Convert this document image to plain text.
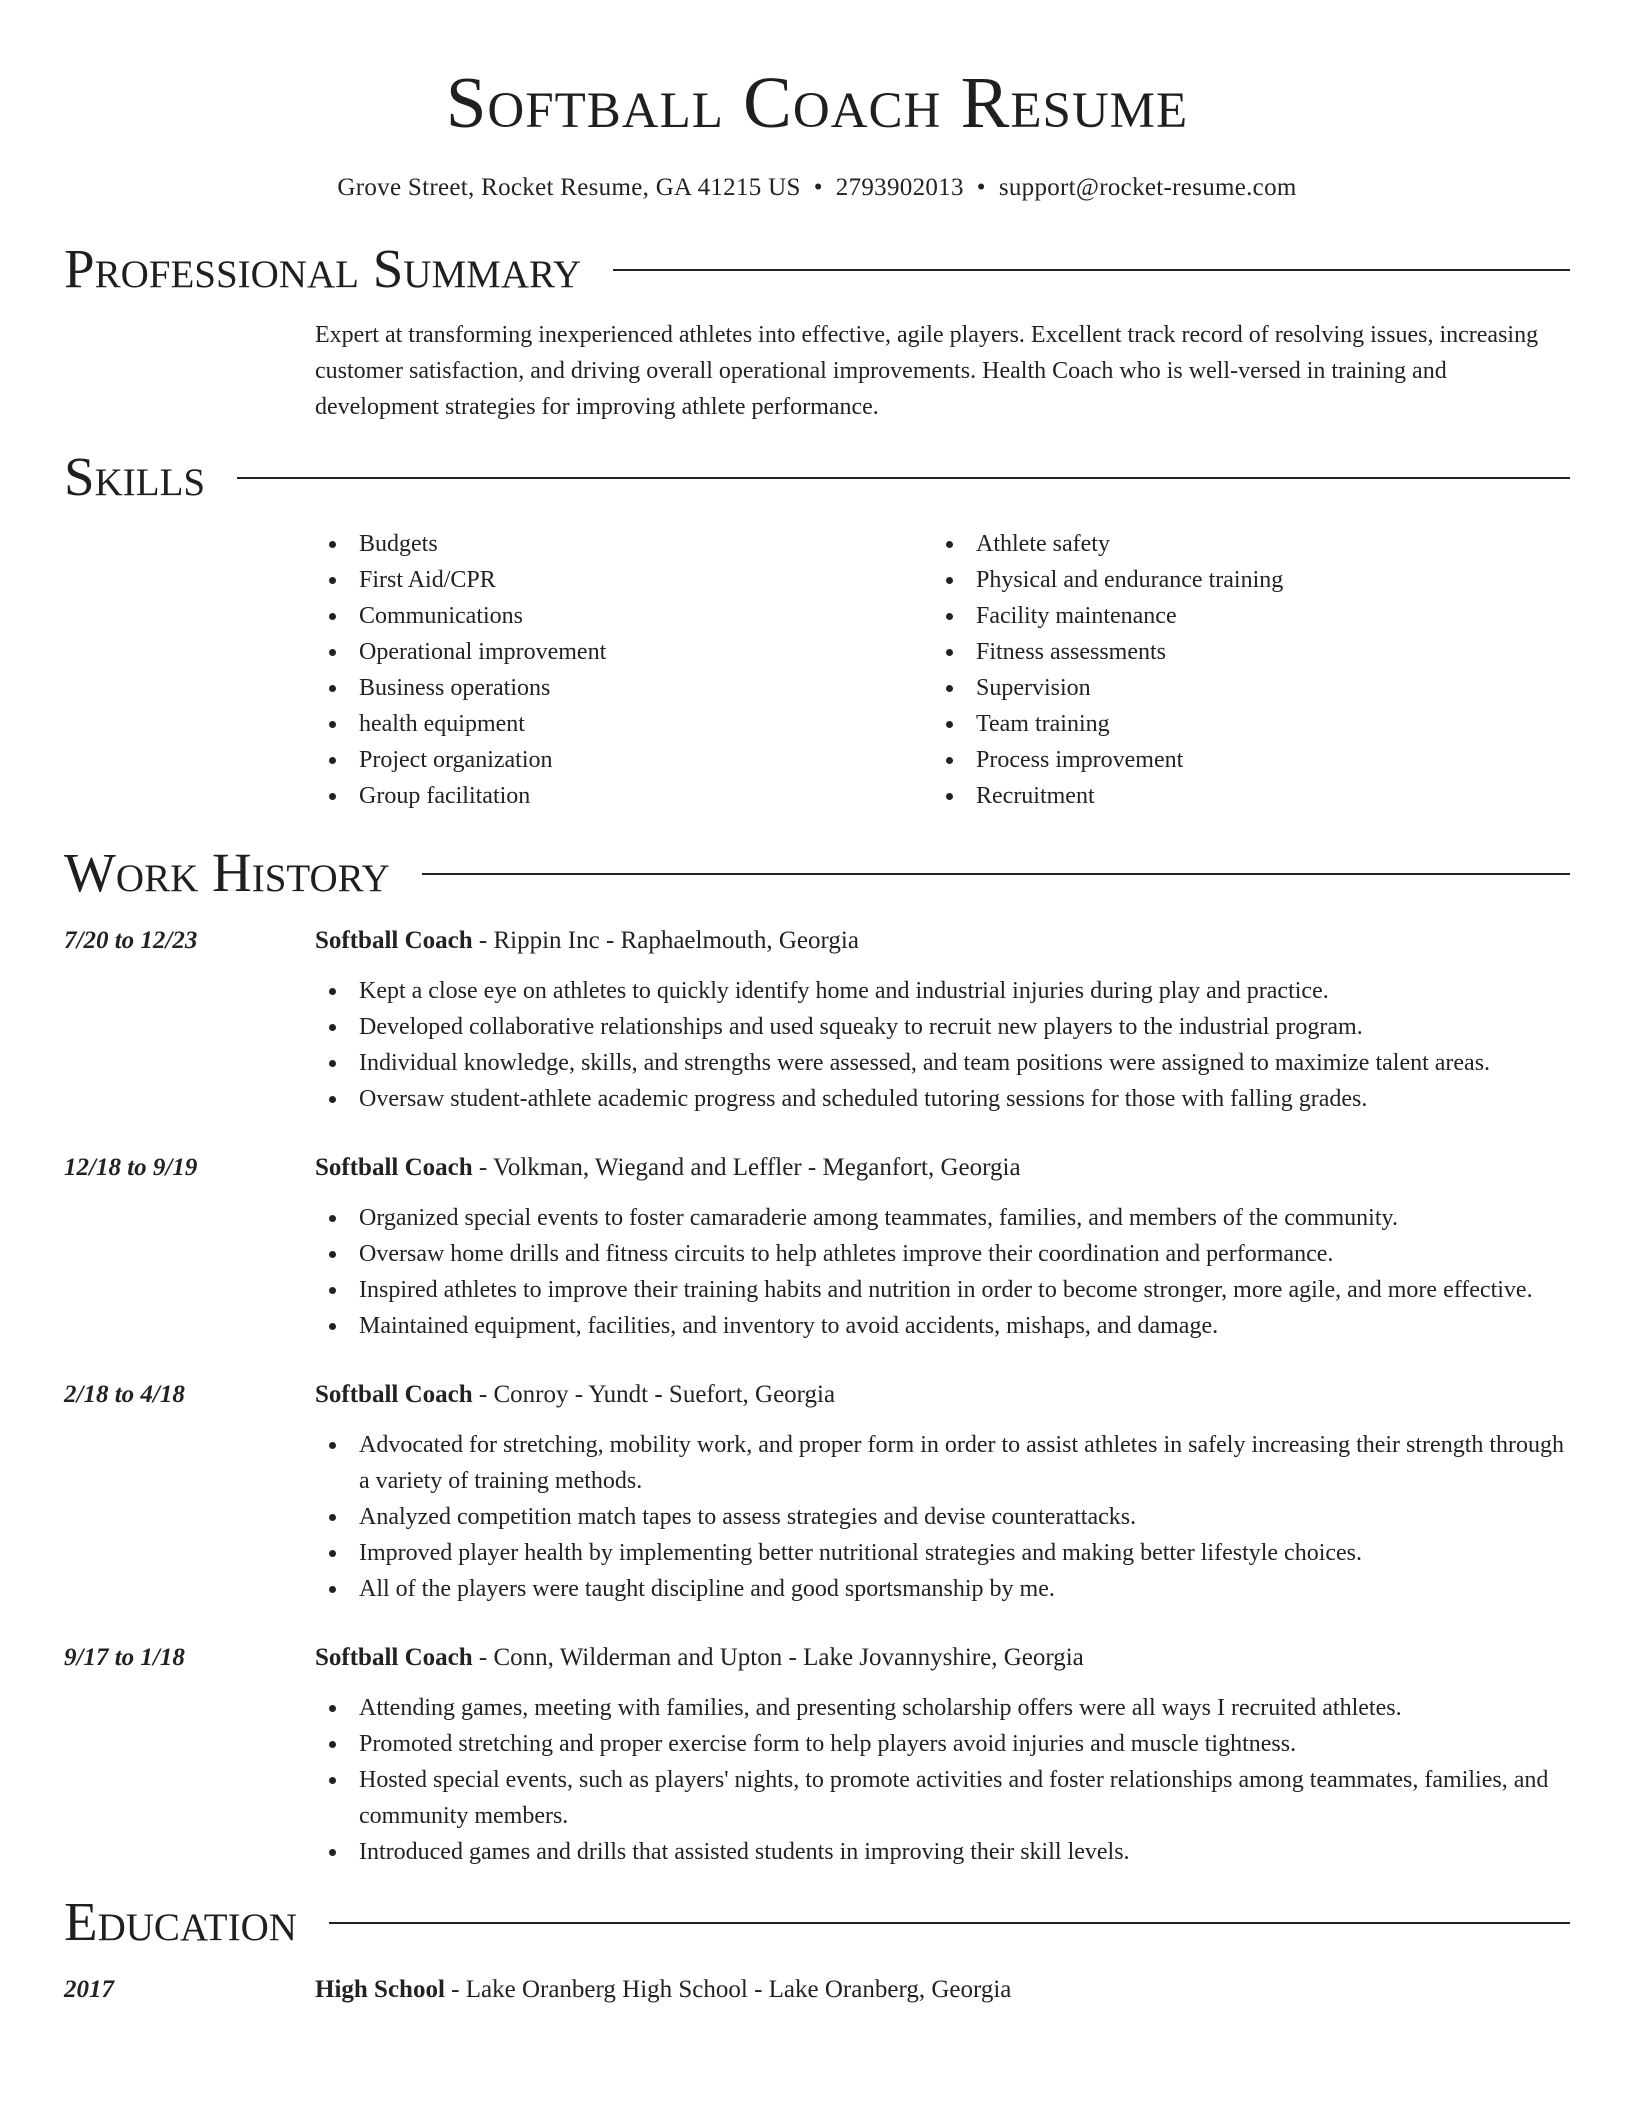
Softball Coach Resume
Grove Street, Rocket Resume, GA 41215 US • 2793902013 • support@rocket-resume.com
Professional Summary

Expert at transforming inexperienced athletes into effective, agile players. Excellent track record of resolving issues, increasing customer satisfaction, and driving overall operational improvements. Health Coach who is well-versed in training and development strategies for improving athlete performance.

Skills
Budgets
First Aid/CPR
Communications
Operational improvement
Business operations
health equipment
Project organization
Group facilitation
Athlete safety
Physical and endurance training
Facility maintenance
Fitness assessments
Supervision
Team training
Process improvement
Recruitment
Work History
7/20 to 12/23	Softball Coach - Rippin Inc - Raphaelmouth, Georgia
Kept a close eye on athletes to quickly identify home and industrial injuries during play and practice.
Developed collaborative relationships and used squeaky to recruit new players to the industrial program.
Individual knowledge, skills, and strengths were assessed, and team positions were assigned to maximize talent areas.
Oversaw student-athlete academic progress and scheduled tutoring sessions for those with falling grades.
12/18 to 9/19	Softball Coach - Volkman, Wiegand and Leffler - Meganfort, Georgia
Organized special events to foster camaraderie among teammates, families, and members of the community.
Oversaw home drills and fitness circuits to help athletes improve their coordination and performance.
Inspired athletes to improve their training habits and nutrition in order to become stronger, more agile, and more effective.
Maintained equipment, facilities, and inventory to avoid accidents, mishaps, and damage.
2/18 to 4/18	Softball Coach - Conroy - Yundt - Suefort, Georgia
Advocated for stretching, mobility work, and proper form in order to assist athletes in safely increasing their strength through a variety of training methods.
Analyzed competition match tapes to assess strategies and devise counterattacks.
Improved player health by implementing better nutritional strategies and making better lifestyle choices.
All of the players were taught discipline and good sportsmanship by me.
9/17 to 1/18	Softball Coach - Conn, Wilderman and Upton - Lake Jovannyshire, Georgia
Attending games, meeting with families, and presenting scholarship offers were all ways I recruited athletes.
Promoted stretching and proper exercise form to help players avoid injuries and muscle tightness.
Hosted special events, such as players' nights, to promote activities and foster relationships among teammates, families, and community members.
Introduced games and drills that assisted students in improving their skill levels.
Education
2017	High School - Lake Oranberg High School - Lake Oranberg, Georgia
